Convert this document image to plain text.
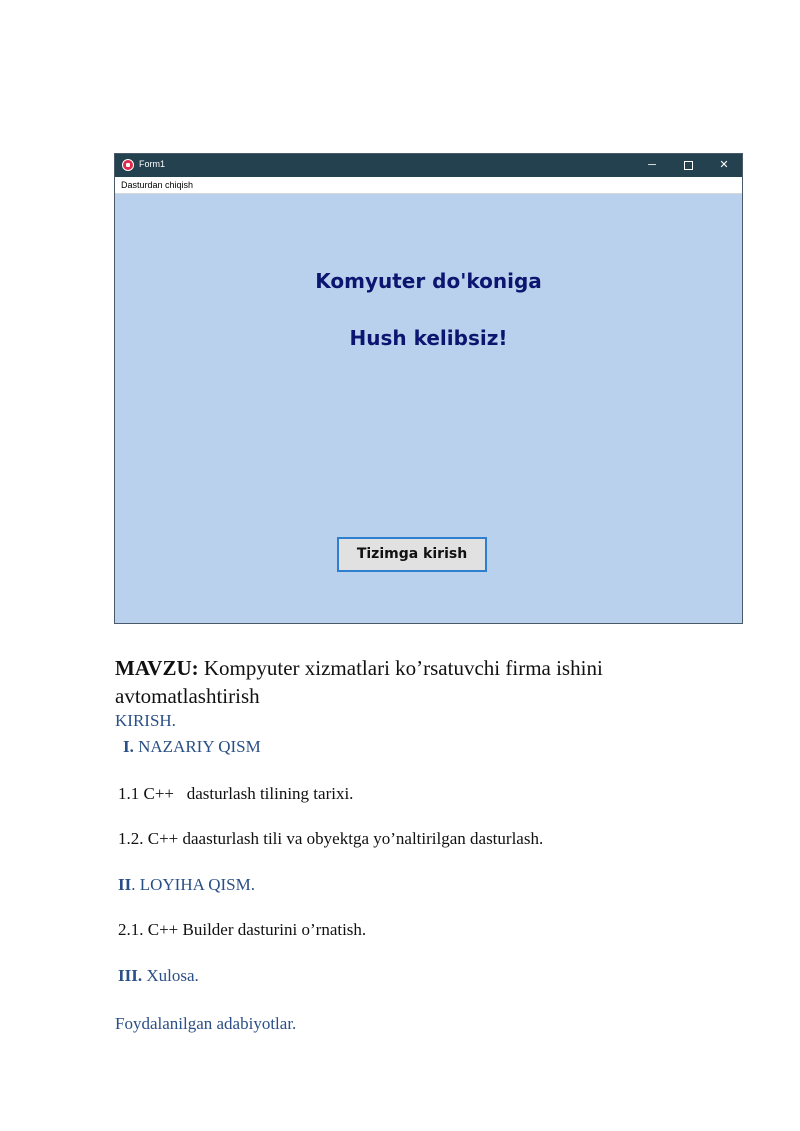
Form1	─	✕
Dasturdan chiqish
Komyuter do'koniga
Hush kelibsiz!
Tizimga kirish
MAVZU: Kompyuter xizmatlari ko’rsatuvchi firma ishini avtomatlashtirish
KIRISH.
I. NAZARIY QISM
1.1 C++   dasturlash tilining tarixi.
1.2. C++ daasturlash tili va obyektga yo’naltirilgan dasturlash.
II. LOYIHA QISM.
2.1. C++ Builder dasturini o’rnatish.
III. Xulosa.
Foydalanilgan adabiyotlar.
